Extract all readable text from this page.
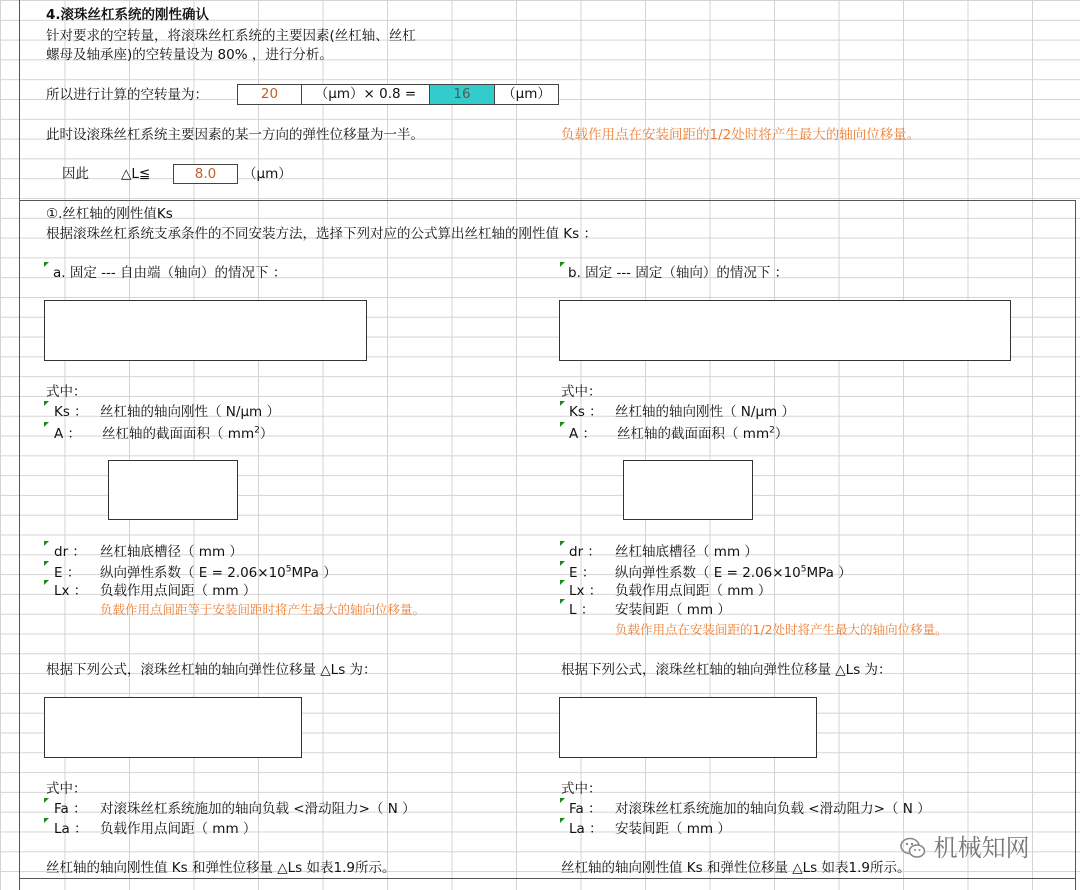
4.滚珠丝杠系统的刚性确认
针对要求的空转量，将滚珠丝杠系统的主要因素(丝杠轴、丝杠
螺母及轴承座)的空转量设为 80% ，进行分析。
所以进行计算的空转量为：	20	（μm）× 0.8 =	16	（μm）
此时设滚珠丝杠系统主要因素的某一方向的弹性位移量为一半。	负载作用点在安装间距的1/2处时将产生最大的轴向位移量。
因此 △L≦	8.0	（μm）
①.丝杠轴的刚性值Ks
根据滚珠丝杠系统支承条件的不同安装方法，选择下列对应的公式算出丝杠轴的刚性值 Ks ：
a. 固定 --- 自由端（轴向）的情况下 ：
式中：
Ks ： 丝杠轴的轴向刚性（ N/μm ）
A ： 丝杠轴的截面面积（ $mm^2$）
dr ： 丝杠轴底槽径（ mm ）
E ： 纵向弹性系数（ $E = 2.06\times 10^5MPa$ ）
Lx ： 负载作用点间距（ mm ）
负载作用点间距等于安装间距时将产生最大的轴向位移量。
根据下列公式，滚珠丝杠轴的轴向弹性位移量 △Ls 为：
式中：
Fa ： 对滚珠丝杠系统施加的轴向负载 <滑动阻力>（ N ）
La ： 负载作用点间距（ mm ）
丝杠轴的轴向刚性值 Ks 和弹性位移量 △Ls 如表1.9所示。
b. 固定 --- 固定（轴向）的情况下 ：
式中：
Ks ： 丝杠轴的轴向刚性（ N/μm ）
A ： 丝杠轴的截面面积（ $mm^2$）
dr ： 丝杠轴底槽径（ mm ）
E ： 纵向弹性系数（ $E = 2.06\times 10^5MPa$ ）
Lx ： 负载作用点间距（ mm ）
L ： 安装间距（ mm ）
负载作用点在安装间距的1/2处时将产生最大的轴向位移量。
根据下列公式，滚珠丝杠轴的轴向弹性位移量 △Ls 为：
式中：
Fa ： 对滚珠丝杠系统施加的轴向负载 <滑动阻力>（ N ）
La ： 安装间距（ mm ）
丝杠轴的轴向刚性值 Ks 和弹性位移量 △Ls 如表1.9所示。
机械知网
